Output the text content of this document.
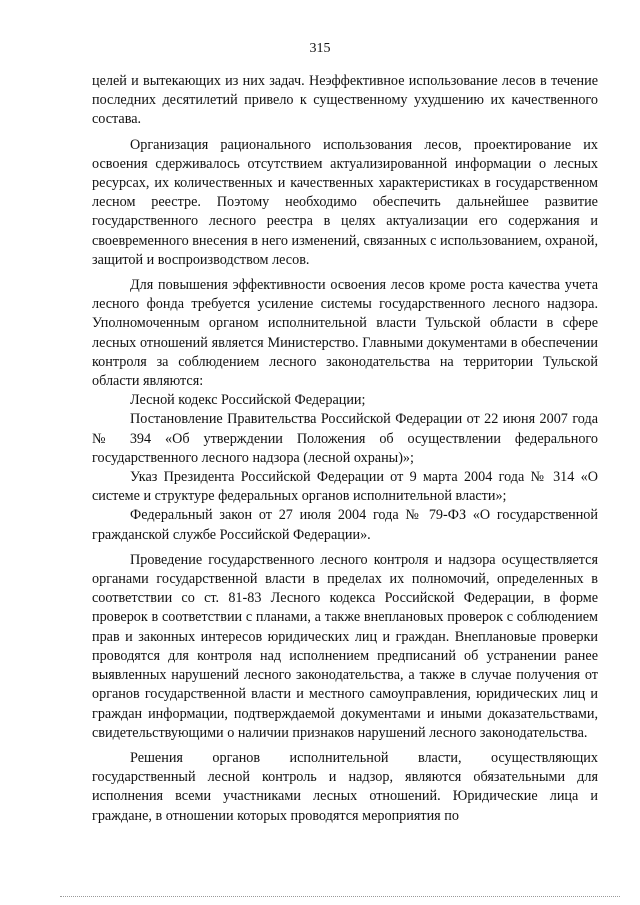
315

целей и вытекающих из них задач. Неэффективное использование лесов в течение последних десятилетий привело к существенному ухудшению их качественного состава.

Организация рационального использования лесов, проектирование их освоения сдерживалось отсутствием актуализированной информации о лесных ресурсах, их количественных и качественных характеристиках в государственном лесном реестре. Поэтому необходимо обеспечить дальнейшее развитие государственного лесного реестра в целях актуализации его содержания и своевременного внесения в него изменений, связанных с использованием, охраной, защитой и воспроизводством лесов.

Для повышения эффективности освоения лесов кроме роста качества учета лесного фонда требуется усиление системы государственного лесного надзора. Уполномоченным органом исполнительной власти Тульской области в сфере лесных отношений является Министерство. Главными документами в обеспечении контроля за соблюдением лесного законодательства на территории Тульской области являются:

Лесной кодекс Российской Федерации;

Постановление Правительства Российской Федерации от 22 июня 2007 года № 394 «Об утверждении Положения об осуществлении федерального государственного лесного надзора (лесной охраны)»;

Указ Президента Российской Федерации от 9 марта 2004 года № 314 «О системе и структуре федеральных органов исполнительной власти»;

Федеральный закон от 27 июля 2004 года № 79-ФЗ «О государственной гражданской службе Российской Федерации».

Проведение государственного лесного контроля и надзора осуществляется органами государственной власти в пределах их полномочий, определенных в соответствии со ст. 81-83 Лесного кодекса Российской Федерации, в форме проверок в соответствии с планами, а также внеплановых проверок с соблюдением прав и законных интересов юридических лиц и граждан. Внеплановые проверки проводятся для контроля над исполнением предписаний об устранении ранее выявленных нарушений лесного законодательства, а также в случае получения от органов государственной власти и местного самоуправления, юридических лиц и граждан информации, подтверждаемой документами и иными доказательствами, свидетельствующими о наличии признаков нарушений лесного законодательства.

Решения органов исполнительной власти, осуществляющих государственный лесной контроль и надзор, являются обязательными для исполнения всеми участниками лесных отношений. Юридические лица и граждане, в отношении которых проводятся мероприятия по
